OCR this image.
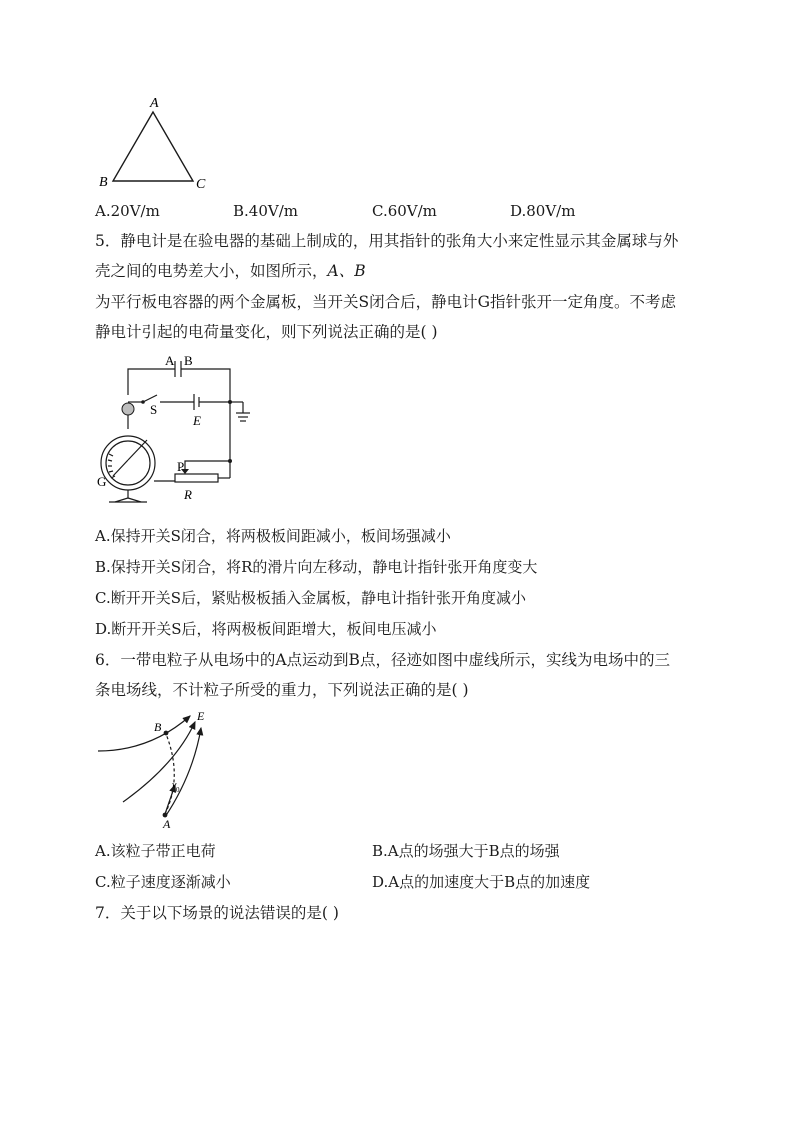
A
B	C
A.20V/m	B.40V/m	C.60V/m	D.80V/m
5．静电计是在验电器的基础上制成的，用其指针的张角大小来定性显示其金属球与外
壳之间的电势差大小，如图所示，A、B
为平行板电容器的两个金属板，当开关S闭合后，静电计G指针张开一定角度。不考虑
静电计引起的电荷量变化，则下列说法正确的是( )
A B
S
E
P
R
G
A.保持开关S闭合，将两极板间距减小，板间场强减小
B.保持开关S闭合，将R的滑片向左移动，静电计指针张开角度变大
C.断开开关S后，紧贴极板插入金属板，静电计指针张开角度减小
D.断开开关S后，将两极板间距增大，板间电压减小
6．一带电粒子从电场中的A点运动到B点，径迹如图中虚线所示，实线为电场中的三
条电场线，不计粒子所受的重力，下列说法正确的是( )
B
E
A
v 0
A.该粒子带正电荷	B.A点的场强大于B点的场强
C.粒子速度逐渐减小	D.A点的加速度大于B点的加速度
7．关于以下场景的说法错误的是( )
